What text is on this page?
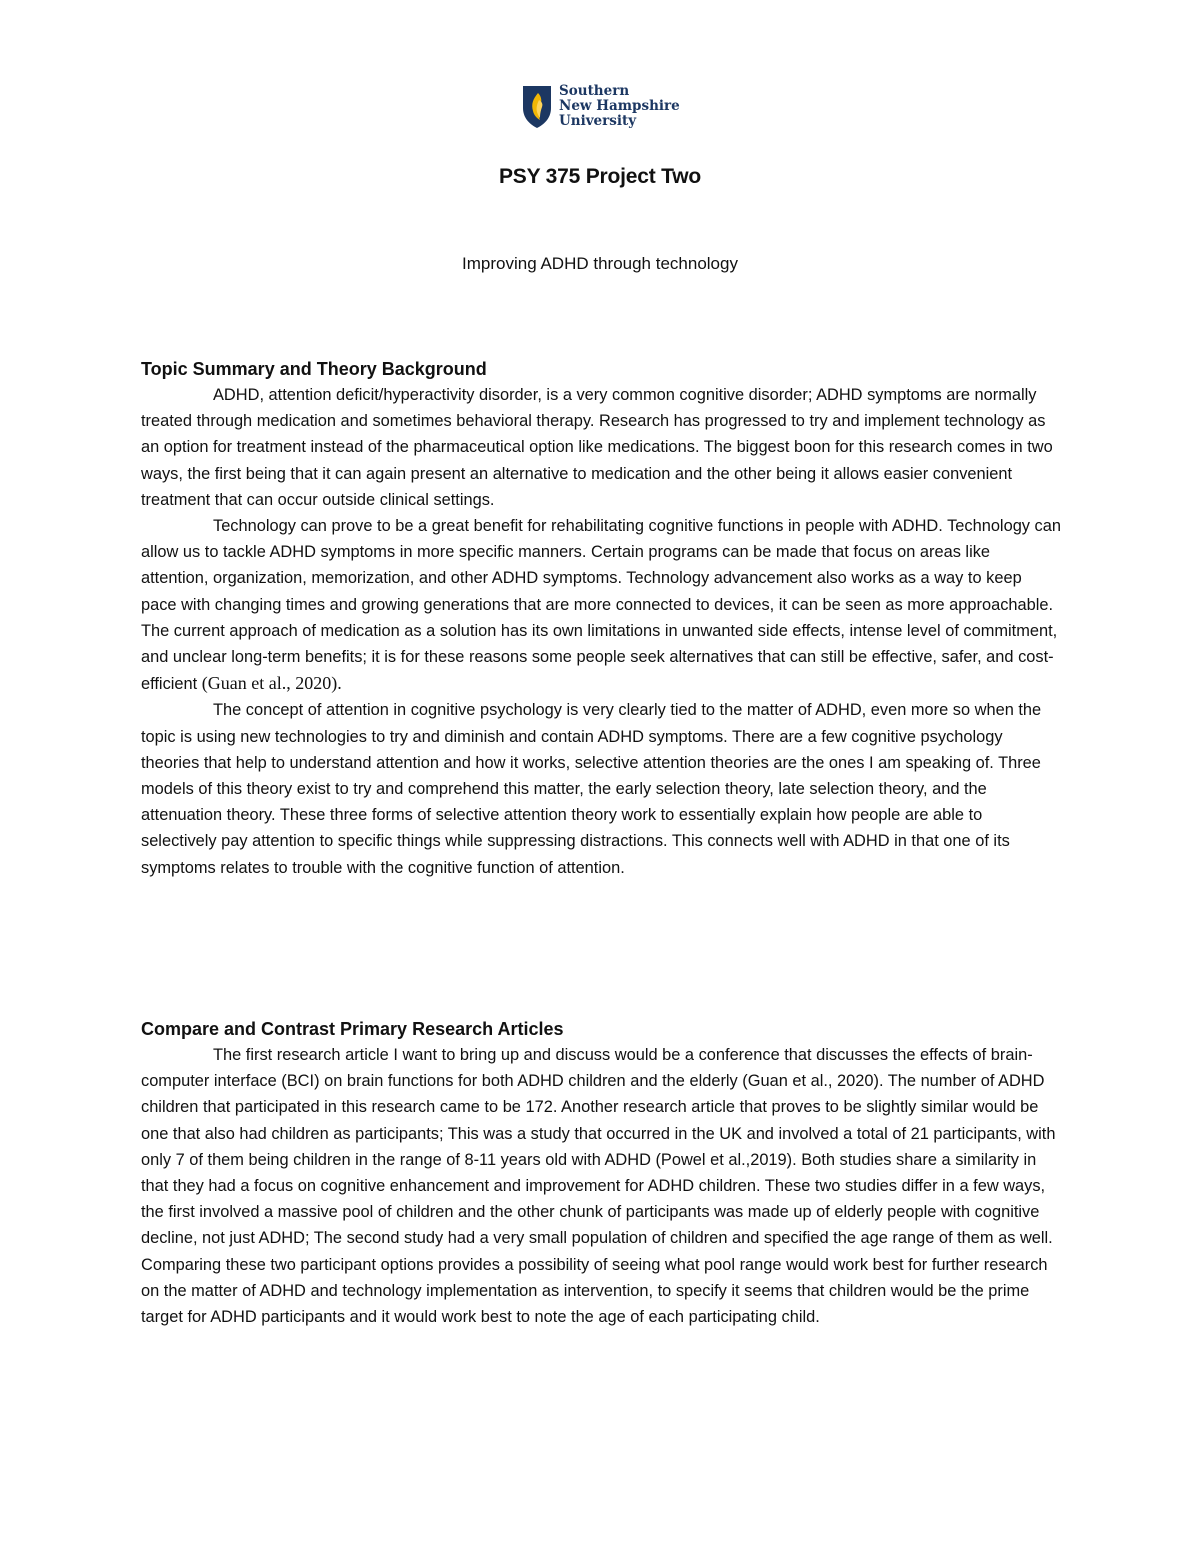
Southern
New Hampshire
University
PSY 375 Project Two
Improving ADHD through technology
Topic Summary and Theory Background

ADHD, attention deficit/hyperactivity disorder, is a very common cognitive disorder; ADHD symptoms are normally treated through medication and sometimes behavioral therapy. Research has progressed to try and implement technology as an option for treatment instead of the pharmaceutical option like medications. The biggest boon for this research comes in two ways, the first being that it can again present an alternative to medication and the other being it allows easier convenient treatment that can occur outside clinical settings.

Technology can prove to be a great benefit for rehabilitating cognitive functions in people with ADHD. Technology can allow us to tackle ADHD symptoms in more specific manners. Certain programs can be made that focus on areas like attention, organization, memorization, and other ADHD symptoms. Technology advancement also works as a way to keep pace with changing times and growing generations that are more connected to devices, it can be seen as more approachable. The current approach of medication as a solution has its own limitations in unwanted side effects, intense level of commitment, and unclear long-term benefits; it is for these reasons some people seek alternatives that can still be effective, safer, and cost-efficient (Guan et al., 2020).

The concept of attention in cognitive psychology is very clearly tied to the matter of ADHD, even more so when the topic is using new technologies to try and diminish and contain ADHD symptoms. There are a few cognitive psychology theories that help to understand attention and how it works, selective attention theories are the ones I am speaking of. Three models of this theory exist to try and comprehend this matter, the early selection theory, late selection theory, and the attenuation theory. These three forms of selective attention theory work to essentially explain how people are able to selectively pay attention to specific things while suppressing distractions. This connects well with ADHD in that one of its symptoms relates to trouble with the cognitive function of attention.

Compare and Contrast Primary Research Articles

The first research article I want to bring up and discuss would be a conference that discusses the effects of brain-computer interface (BCI) on brain functions for both ADHD children and the elderly (Guan et al., 2020). The number of ADHD children that participated in this research came to be 172. Another research article that proves to be slightly similar would be one that also had children as participants; This was a study that occurred in the UK and involved a total of 21 participants, with only 7 of them being children in the range of 8-11 years old with ADHD (Powel et al.,2019). Both studies share a similarity in that they had a focus on cognitive enhancement and improvement for ADHD children. These two studies differ in a few ways, the first involved a massive pool of children and the other chunk of participants was made up of elderly people with cognitive decline, not just ADHD; The second study had a very small population of children and specified the age range of them as well. Comparing these two participant options provides a possibility of seeing what pool range would work best for further research on the matter of ADHD and technology implementation as intervention, to specify it seems that children would be the prime target for ADHD participants and it would work best to note the age of each participating child.
